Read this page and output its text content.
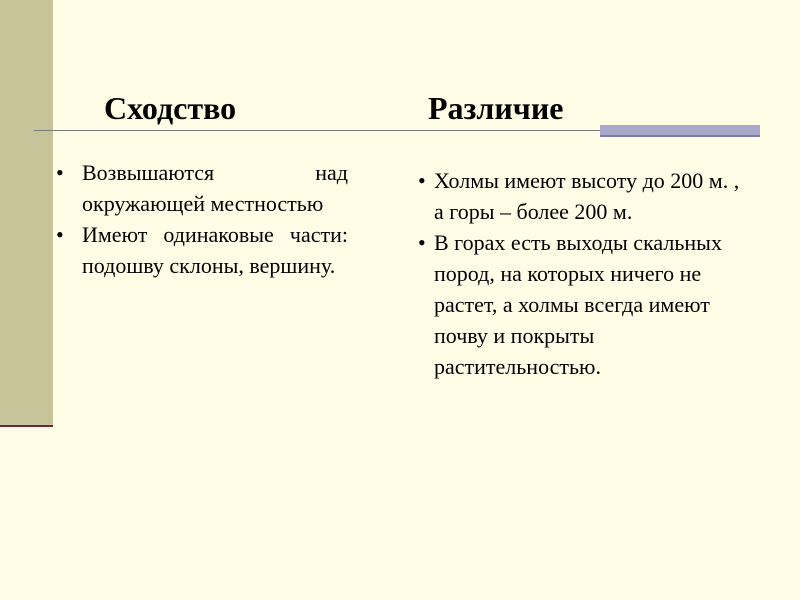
Сходство	Различие
• Возвышаются над окружающей местностью
• Имеют одинаковые части: подошву склоны, вершину.
• Холмы имеют высоту до 200 м. , а горы – более 200 м.
• В горах есть выходы скальных пород, на которых ничего не растет, а холмы всегда имеют почву и покрыты растительностью.
